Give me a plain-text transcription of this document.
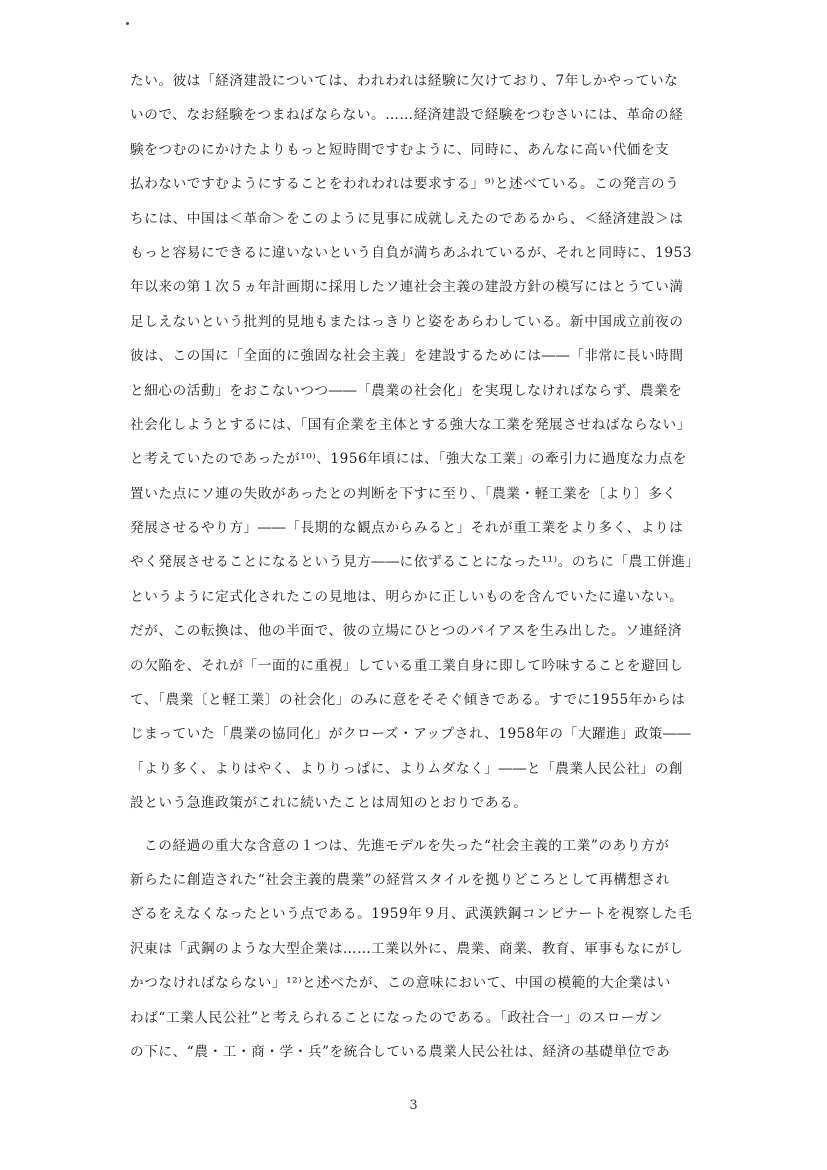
たい。彼は「経済建設については、われわれは経験に欠けており、7年しかやっていな
いので、なお経験をつまねばならない。……経済建設で経験をつむさいには、革命の経
験をつむのにかけたよりもっと短時間ですむように、同時に、あんなに高い代価を支
払わないですむようにすることをわれわれは要求する」⁹⁾と述べている。この発言のう
ちには、中国は＜革命＞をこのように見事に成就しえたのであるから、＜経済建設＞は
もっと容易にできるに違いないという自負が満ちあふれているが、それと同時に、1953
年以来の第１次５ヵ年計画期に採用したソ連社会主義の建設方針の模写にはとうてい満
足しえないという批判的見地もまたはっきりと姿をあらわしている。新中国成立前夜の
彼は、この国に「全面的に強固な社会主義」を建設するためには――「非常に長い時間
と細心の活動」をおこないつつ――「農業の社会化」を実現しなければならず、農業を
社会化しようとするには、「国有企業を主体とする強大な工業を発展させねばならない」
と考えていたのであったが¹⁰⁾、1956年頃には、「強大な工業」の牽引力に過度な力点を
置いた点にソ連の失敗があったとの判断を下すに至り、「農業・軽工業を〔より〕多く
発展させるやり方」――「長期的な観点からみると」それが重工業をより多く、よりは
やく発展させることになるという見方――に依ずることになった¹¹⁾。のちに「農工併進」
というように定式化されたこの見地は、明らかに正しいものを含んでいたに違いない。
だが、この転換は、他の半面で、彼の立場にひとつのバイアスを生み出した。ソ連経済
の欠陥を、それが「一面的に重視」している重工業自身に即して吟味することを避回し
て、「農業〔と軽工業〕の社会化」のみに意をそそぐ傾きである。すでに1955年からは
じまっていた「農業の協同化」がクローズ・アップされ、1958年の「大躍進」政策――
「より多く、よりはやく、よりりっぱに、よりムダなく」――と「農業人民公社」の創
設という急進政策がこれに続いたことは周知のとおりである。
この経過の重大な含意の１つは、先進モデルを失った“社会主義的工業”のあり方が
新らたに創造された“社会主義的農業”の経営スタイルを拠りどころとして再構想され
ざるをえなくなったという点である。1959年９月、武漢鉄鋼コンビナートを視察した毛
沢東は「武鋼のような大型企業は……工業以外に、農業、商業、教育、軍事もなにがし
かつなければならない」¹²⁾と述べたが、この意味において、中国の模範的大企業はい
わば“工業人民公社”と考えられることになったのである。「政社合一」のスローガン
の下に、“農・工・商・学・兵”を統合している農業人民公社は、経済の基礎単位であ
3
